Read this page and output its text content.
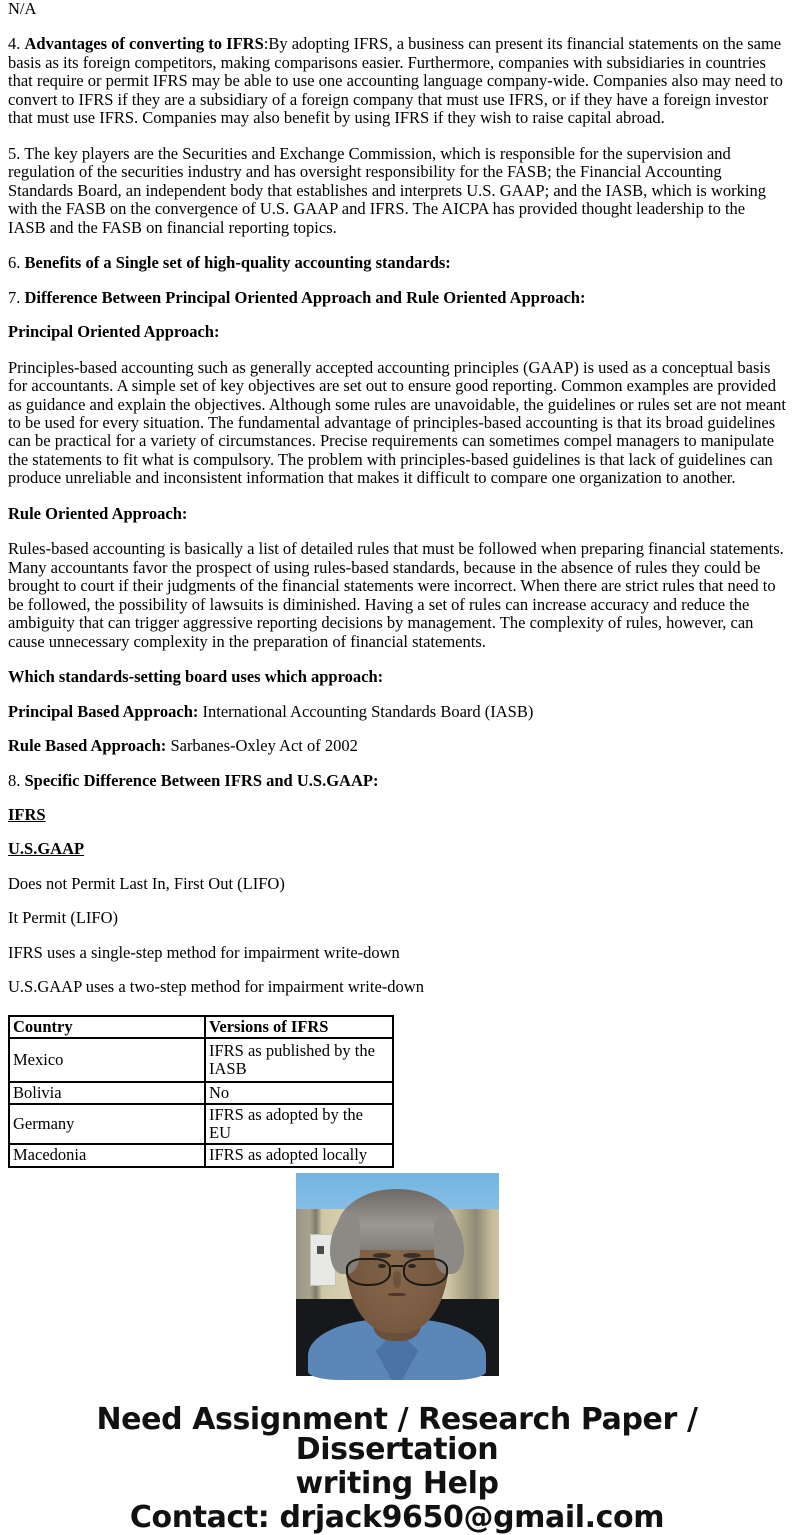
N/A

4. Advantages of converting to IFRS:By adopting IFRS, a business can present its financial statements on the same basis as its foreign competitors, making comparisons easier. Furthermore, companies with subsidiaries in countries that require or permit IFRS may be able to use one accounting language company-wide. Companies also may need to convert to IFRS if they are a subsidiary of a foreign company that must use IFRS, or if they have a foreign investor that must use IFRS. Companies may also benefit by using IFRS if they wish to raise capital abroad.

5. The key players are the Securities and Exchange Commission, which is responsible for the supervision and regulation of the securities industry and has oversight responsibility for the FASB; the Financial Accounting Standards Board, an independent body that establishes and interprets U.S. GAAP; and the IASB, which is working with the FASB on the convergence of U.S. GAAP and IFRS. The AICPA has provided thought leadership to the IASB and the FASB on financial reporting topics.

6. Benefits of a Single set of high-quality accounting standards:

7. Difference Between Principal Oriented Approach and Rule Oriented Approach:

Principal Oriented Approach:

Principles-based accounting such as generally accepted accounting principles (GAAP) is used as a conceptual basis for accountants. A simple set of key objectives are set out to ensure good reporting. Common examples are provided as guidance and explain the objectives. Although some rules are unavoidable, the guidelines or rules set are not meant to be used for every situation. The fundamental advantage of principles-based accounting is that its broad guidelines can be practical for a variety of circumstances. Precise requirements can sometimes compel managers to manipulate the statements to fit what is compulsory. The problem with principles-based guidelines is that lack of guidelines can produce unreliable and inconsistent information that makes it difficult to compare one organization to another.

Rule Oriented Approach:

Rules-based accounting is basically a list of detailed rules that must be followed when preparing financial statements. Many accountants favor the prospect of using rules-based standards, because in the absence of rules they could be brought to court if their judgments of the financial statements were incorrect. When there are strict rules that need to be followed, the possibility of lawsuits is diminished. Having a set of rules can increase accuracy and reduce the ambiguity that can trigger aggressive reporting decisions by management. The complexity of rules, however, can cause unnecessary complexity in the preparation of financial statements.

Which standards-setting board uses which approach:

Principal Based Approach: International Accounting Standards Board (IASB)

Rule Based Approach: Sarbanes-Oxley Act of 2002

8. Specific Difference Between IFRS and U.S.GAAP:

IFRS

U.S.GAAP

Does not Permit Last In, First Out (LIFO)

It Permit (LIFO)

IFRS uses a single-step method for impairment write-down

U.S.GAAP uses a two-step method for impairment write-down

Country	Versions of IFRS
Mexico	IFRS as published by the IASB
Bolivia	No
Germany	IFRS as adopted by the EU
Macedonia	IFRS as adopted locally
Need Assignment / Research Paper / Dissertation
writing Help
Contact: drjack9650@gmail.com
